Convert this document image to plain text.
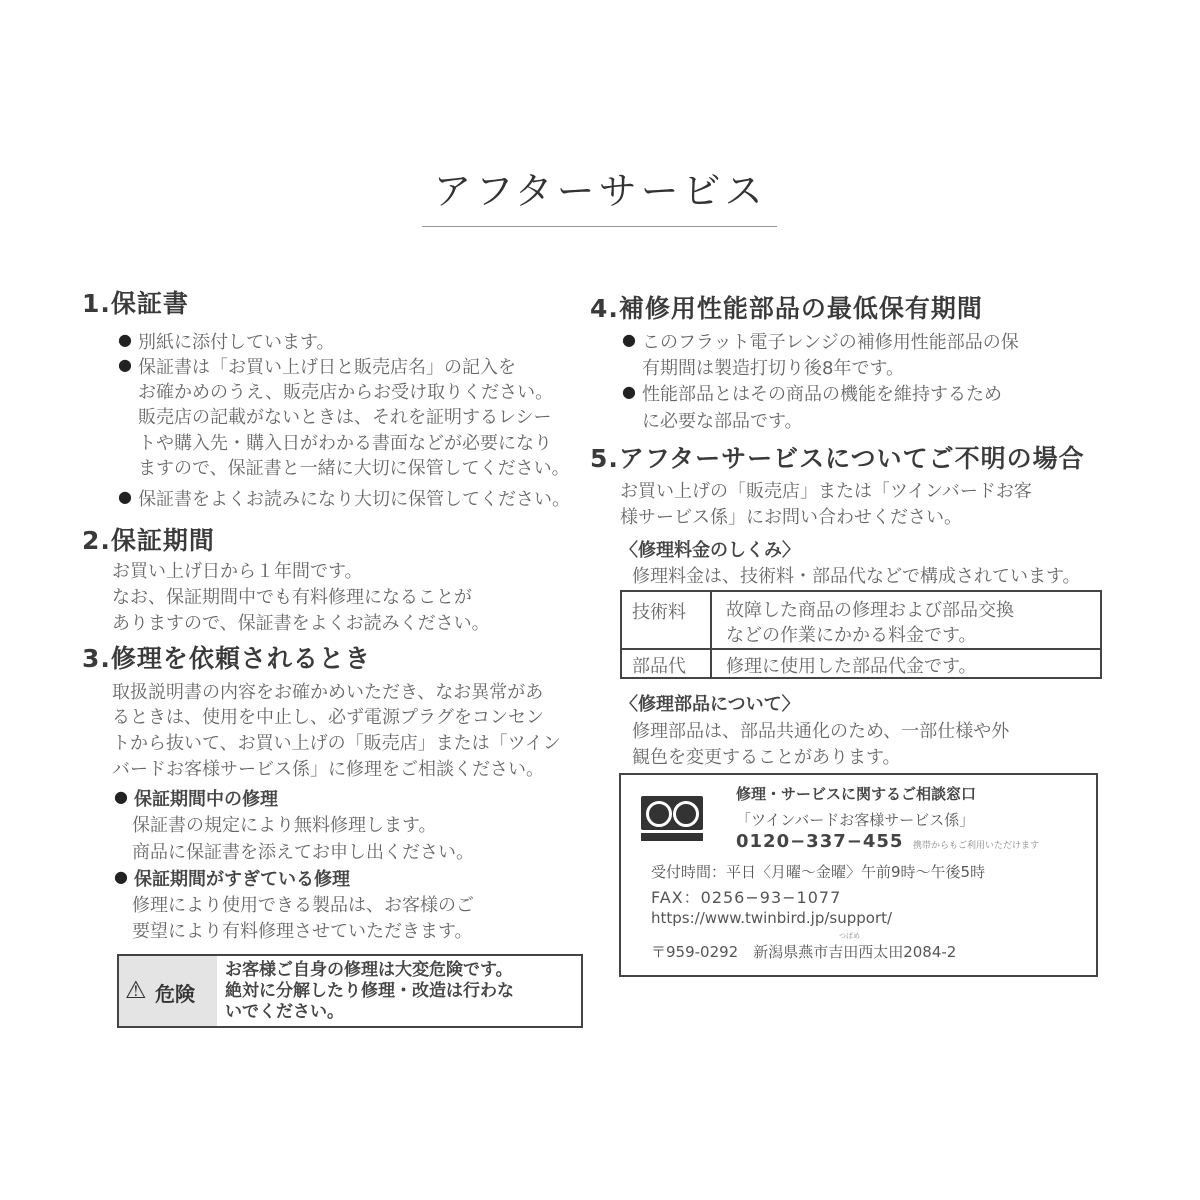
アフターサービス
1.保証書
● 別紙に添付しています。
● 保証書は「お買い上げ日と販売店名」の記入を
お確かめのうえ、販売店からお受け取りください。
販売店の記載がないときは、それを証明するレシー
トや購入先・購入日がわかる書面などが必要になり
ますので、保証書と一緒に大切に保管してください。
● 保証書をよくお読みになり大切に保管してください。
2.保証期間
お買い上げ日から１年間です。
なお、保証期間中でも有料修理になることが
ありますので、保証書をよくお読みください。
3.修理を依頼されるとき
取扱説明書の内容をお確かめいただき、なお異常があ
るときは、使用を中止し、必ず電源プラグをコンセン
トから抜いて、お買い上げの「販売店」または「ツイン
バードお客様サービス係」に修理をご相談ください。
● 保証期間中の修理
保証書の規定により無料修理します。
商品に保証書を添えてお申し出ください。
● 保証期間がすぎている修理
修理により使用できる製品は、お客様のご
要望により有料修理させていただきます。
⚠ 危険
お客様ご自身の修理は大変危険です。
絶対に分解したり修理・改造は行わな
いでください。
4.補修用性能部品の最低保有期間
● このフラット電子レンジの補修用性能部品の保
有期間は製造打切り後8年です。
● 性能部品とはその商品の機能を維持するため
に必要な部品です。
5.アフターサービスについてご不明の場合
お買い上げの「販売店」または「ツインバードお客
様サービス係」にお問い合わせください。
〈修理料金のしくみ〉
修理料金は、技術料・部品代などで構成されています。
技術料 故障した商品の修理および部品交換
などの作業にかかる料金です。
部品代 修理に使用した部品代金です。
〈修理部品について〉
修理部品は、部品共通化のため、一部仕様や外
観色を変更することがあります。

修理・サービスに関するご相談窓口
「ツインバードお客様サービス係」
0120−337−455 携帯からもご利用いただけます
受付時間：平日〈月曜〜金曜〉午前9時〜午後5時
FAX：0256−93−1077
https://www.twinbird.jp/support/
つばめ
〒959-0292　新潟県燕市吉田西太田2084-2
